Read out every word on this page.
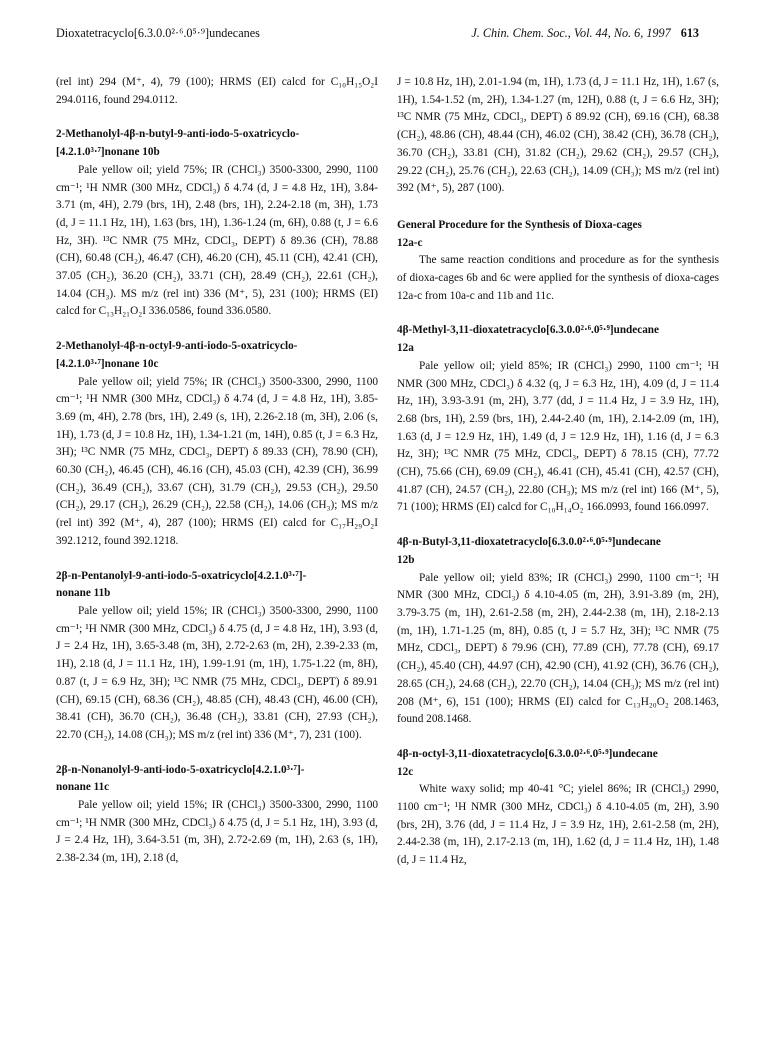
Dioxatetracyclo[6.3.0.0²·⁶.0⁵·⁹]undecanes	J. Chin. Chem. Soc., Vol. 44, No. 6, 1997 613

(rel int) 294 (M⁺, 4), 79 (100); HRMS (EI) calcd for C₁₀H₁₅O₂I 294.0116, found 294.0112.

2-Methanolyl-4β-n-butyl-9-anti-iodo-5-oxatricyclo-
[4.2.1.0³·⁷]nonane 10b

Pale yellow oil; yield 75%; IR (CHCl₃) 3500-3300, 2990, 1100 cm⁻¹; ¹H NMR (300 MHz, CDCl₃) δ 4.74 (d, J = 4.8 Hz, 1H), 3.84-3.71 (m, 4H), 2.79 (brs, 1H), 2.48 (brs, 1H), 2.24-2.18 (m, 3H), 1.73 (d, J = 11.1 Hz, 1H), 1.63 (brs, 1H), 1.36-1.24 (m, 6H), 0.88 (t, J = 6.6 Hz, 3H). ¹³C NMR (75 MHz, CDCl₃, DEPT) δ 89.36 (CH), 78.88 (CH), 60.48 (CH₂), 46.47 (CH), 46.20 (CH), 45.11 (CH), 42.41 (CH), 37.05 (CH₂), 36.20 (CH₂), 33.71 (CH), 28.49 (CH₂), 22.61 (CH₂), 14.04 (CH₃). MS m/z (rel int) 336 (M⁺, 5), 231 (100); HRMS (EI) calcd for C₁₃H₂₁O₂I 336.0586, found 336.0580.

2-Methanolyl-4β-n-octyl-9-anti-iodo-5-oxatricyclo-
[4.2.1.0³·⁷]nonane 10c

Pale yellow oil; yield 75%; IR (CHCl₃) 3500-3300, 2990, 1100 cm⁻¹; ¹H NMR (300 MHz, CDCl₃) δ 4.74 (d, J = 4.8 Hz, 1H), 3.85-3.69 (m, 4H), 2.78 (brs, 1H), 2.49 (s, 1H), 2.26-2.18 (m, 3H), 2.06 (s, 1H), 1.73 (d, J = 10.8 Hz, 1H), 1.34-1.21 (m, 14H), 0.85 (t, J = 6.3 Hz, 3H); ¹³C NMR (75 MHz, CDCl₃, DEPT) δ 89.33 (CH), 78.90 (CH), 60.30 (CH₂), 46.45 (CH), 46.16 (CH), 45.03 (CH), 42.39 (CH), 36.99 (CH₂), 36.49 (CH₂), 33.67 (CH), 31.79 (CH₂), 29.53 (CH₂), 29.50 (CH₂), 29.17 (CH₂), 26.29 (CH₂), 22.58 (CH₂), 14.06 (CH₃); MS m/z (rel int) 392 (M⁺, 4), 287 (100); HRMS (EI) calcd for C₁₇H₂₉O₂I 392.1212, found 392.1218.

2β-n-Pentanolyl-9-anti-iodo-5-oxatricyclo[4.2.1.0³·⁷]-
nonane 11b

Pale yellow oil; yield 15%; IR (CHCl₃) 3500-3300, 2990, 1100 cm⁻¹; ¹H NMR (300 MHz, CDCl₃) δ 4.75 (d, J = 4.8 Hz, 1H), 3.93 (d, J = 2.4 Hz, 1H), 3.65-3.48 (m, 3H), 2.72-2.63 (m, 2H), 2.39-2.33 (m, 1H), 2.18 (d, J = 11.1 Hz, 1H), 1.99-1.91 (m, 1H), 1.75-1.22 (m, 8H), 0.87 (t, J = 6.9 Hz, 3H); ¹³C NMR (75 MHz, CDCl₃, DEPT) δ 89.91 (CH), 69.15 (CH), 68.36 (CH₂), 48.85 (CH), 48.43 (CH), 46.00 (CH), 38.41 (CH), 36.70 (CH₂), 36.48 (CH₂), 33.81 (CH), 27.93 (CH₂), 22.70 (CH₂), 14.08 (CH₃); MS m/z (rel int) 336 (M⁺, 7), 231 (100).

2β-n-Nonanolyl-9-anti-iodo-5-oxatricyclo[4.2.1.0³·⁷]-
nonane 11c

Pale yellow oil; yield 15%; IR (CHCl₃) 3500-3300, 2990, 1100 cm⁻¹; ¹H NMR (300 MHz, CDCl₃) δ 4.75 (d, J = 5.1 Hz, 1H), 3.93 (d, J = 2.4 Hz, 1H), 3.64-3.51 (m, 3H), 2.72-2.69 (m, 1H), 2.63 (s, 1H), 2.38-2.34 (m, 1H), 2.18 (d,

J = 10.8 Hz, 1H), 2.01-1.94 (m, 1H), 1.73 (d, J = 11.1 Hz, 1H), 1.67 (s, 1H), 1.54-1.52 (m, 2H), 1.34-1.27 (m, 12H), 0.88 (t, J = 6.6 Hz, 3H); ¹³C NMR (75 MHz, CDCl₃, DEPT) δ 89.92 (CH), 69.16 (CH), 68.38 (CH₂), 48.86 (CH), 48.44 (CH), 46.02 (CH), 38.42 (CH), 36.78 (CH₂), 36.70 (CH₂), 33.81 (CH), 31.82 (CH₂), 29.62 (CH₂), 29.57 (CH₂), 29.22 (CH₂), 25.76 (CH₂), 22.63 (CH₂), 14.09 (CH₃); MS m/z (rel int) 392 (M⁺, 5), 287 (100).

General Procedure for the Synthesis of Dioxa-cages
12a-c

The same reaction conditions and procedure as for the synthesis of dioxa-cages 6b and 6c were applied for the synthesis of dioxa-cages 12a-c from 10a-c and 11b and 11c.

4β-Methyl-3,11-dioxatetracyclo[6.3.0.0²·⁶.0⁵·⁹]undecane
12a

Pale yellow oil; yield 85%; IR (CHCl₃) 2990, 1100 cm⁻¹; ¹H NMR (300 MHz, CDCl₃) δ 4.32 (q, J = 6.3 Hz, 1H), 4.09 (d, J = 11.4 Hz, 1H), 3.93-3.91 (m, 2H), 3.77 (dd, J = 11.4 Hz, J = 3.9 Hz, 1H), 2.68 (brs, 1H), 2.59 (brs, 1H), 2.44-2.40 (m, 1H), 2.14-2.09 (m, 1H), 1.63 (d, J = 12.9 Hz, 1H), 1.49 (d, J = 12.9 Hz, 1H), 1.16 (d, J = 6.3 Hz, 3H); ¹³C NMR (75 MHz, CDCl₃, DEPT) δ 78.15 (CH), 77.72 (CH), 75.66 (CH), 69.09 (CH₂), 46.41 (CH), 45.41 (CH), 42.57 (CH), 41.87 (CH), 24.57 (CH₂), 22.80 (CH₃); MS m/z (rel int) 166 (M⁺, 5), 71 (100); HRMS (EI) calcd for C₁₀H₁₄O₂ 166.0993, found 166.0997.

4β-n-Butyl-3,11-dioxatetracyclo[6.3.0.0²·⁶.0⁵·⁹]undecane
12b

Pale yellow oil; yield 83%; IR (CHCl₃) 2990, 1100 cm⁻¹; ¹H NMR (300 MHz, CDCl₃) δ 4.10-4.05 (m, 2H), 3.91-3.89 (m, 2H), 3.79-3.75 (m, 1H), 2.61-2.58 (m, 2H), 2.44-2.38 (m, 1H), 2.18-2.13 (m, 1H), 1.71-1.25 (m, 8H), 0.85 (t, J = 5.7 Hz, 3H); ¹³C NMR (75 MHz, CDCl₃, DEPT) δ 79.96 (CH), 77.89 (CH), 77.78 (CH), 69.17 (CH₂), 45.40 (CH), 44.97 (CH), 42.90 (CH), 41.92 (CH), 36.76 (CH₂), 28.65 (CH₂), 24.68 (CH₂), 22.70 (CH₂), 14.04 (CH₃); MS m/z (rel int) 208 (M⁺, 6), 151 (100); HRMS (EI) calcd for C₁₃H₂₀O₂ 208.1463, found 208.1468.

4β-n-octyl-3,11-dioxatetracyclo[6.3.0.0²·⁶.0⁵·⁹]undecane
12c

White waxy solid; mp 40-41 °C; yielel 86%; IR (CHCl₃) 2990, 1100 cm⁻¹; ¹H NMR (300 MHz, CDCl₃) δ 4.10-4.05 (m, 2H), 3.90 (brs, 2H), 3.76 (dd, J = 11.4 Hz, J = 3.9 Hz, 1H), 2.61-2.58 (m, 2H), 2.44-2.38 (m, 1H), 2.17-2.13 (m, 1H), 1.62 (d, J = 11.4 Hz, 1H), 1.48 (d, J = 11.4 Hz,
